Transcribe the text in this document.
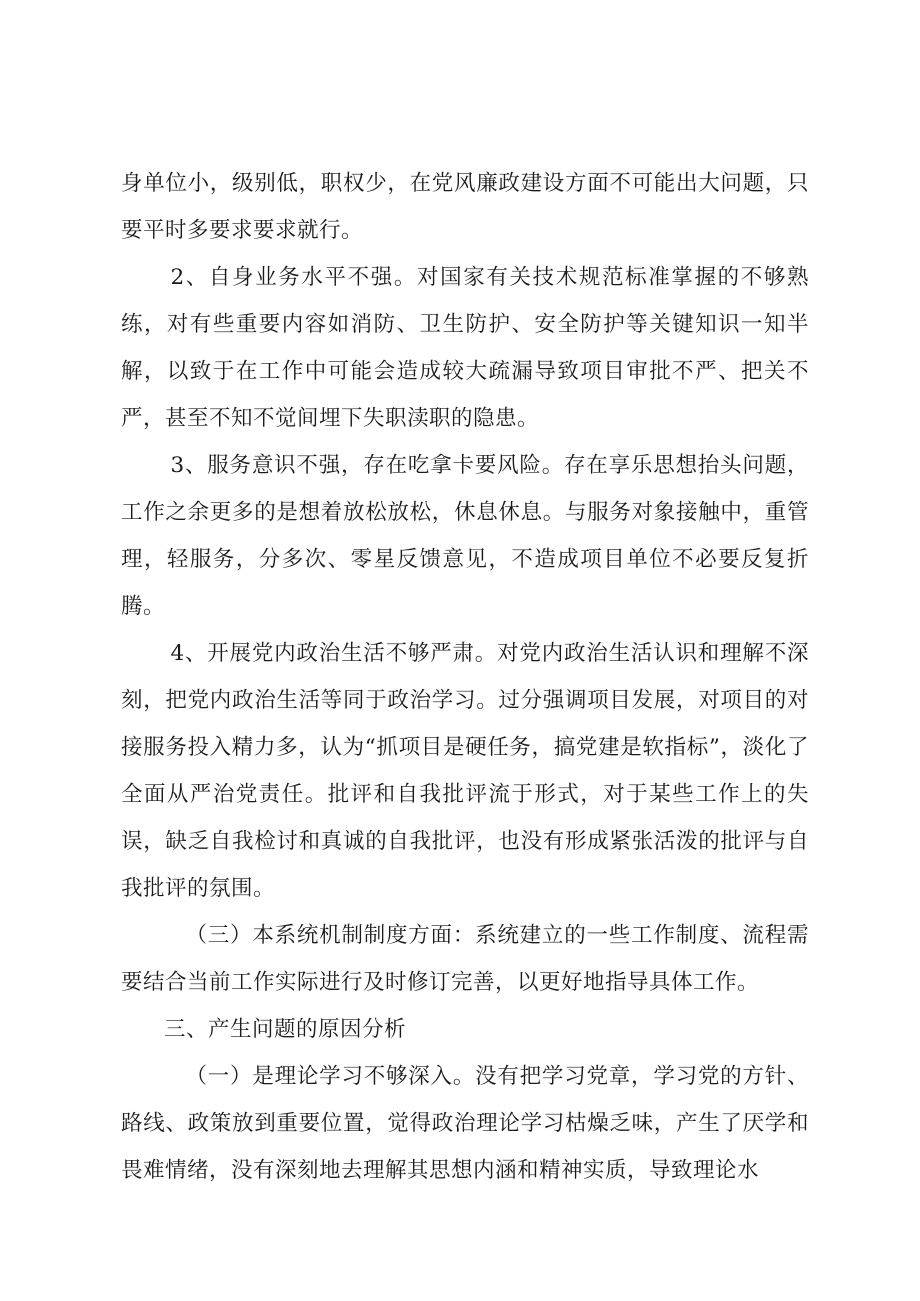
身单位小，级别低，职权少，在党风廉政建设方面不可能出大问题，只要平时多要求要求就行。

2、自身业务水平不强。对国家有关技术规范标准掌握的不够熟练，对有些重要内容如消防、卫生防护、安全防护等关键知识一知半解，以致于在工作中可能会造成较大疏漏导致项目审批不严、把关不严，甚至不知不觉间埋下失职渎职的隐患。

3、服务意识不强，存在吃拿卡要风险。存在享乐思想抬头问题，工作之余更多的是想着放松放松，休息休息。与服务对象接触中，重管理，轻服务，分多次、零星反馈意见，不造成项目单位不必要反复折腾。

4、开展党内政治生活不够严肃。对党内政治生活认识和理解不深刻，把党内政治生活等同于政治学习。过分强调项目发展，对项目的对接服务投入精力多，认为“抓项目是硬任务，搞党建是软指标”，淡化了全面从严治党责任。批评和自我批评流于形式，对于某些工作上的失误，缺乏自我检讨和真诚的自我批评，也没有形成紧张活泼的批评与自我批评的氛围。

（三）本系统机制制度方面：系统建立的一些工作制度、流程需要结合当前工作实际进行及时修订完善，以更好地指导具体工作。

三、产生问题的原因分析

（一）是理论学习不够深入。没有把学习党章，学习党的方针、路线、政策放到重要位置，觉得政治理论学习枯燥乏味，产生了厌学和畏难情绪，没有深刻地去理解其思想内涵和精神实质，导致理论水
